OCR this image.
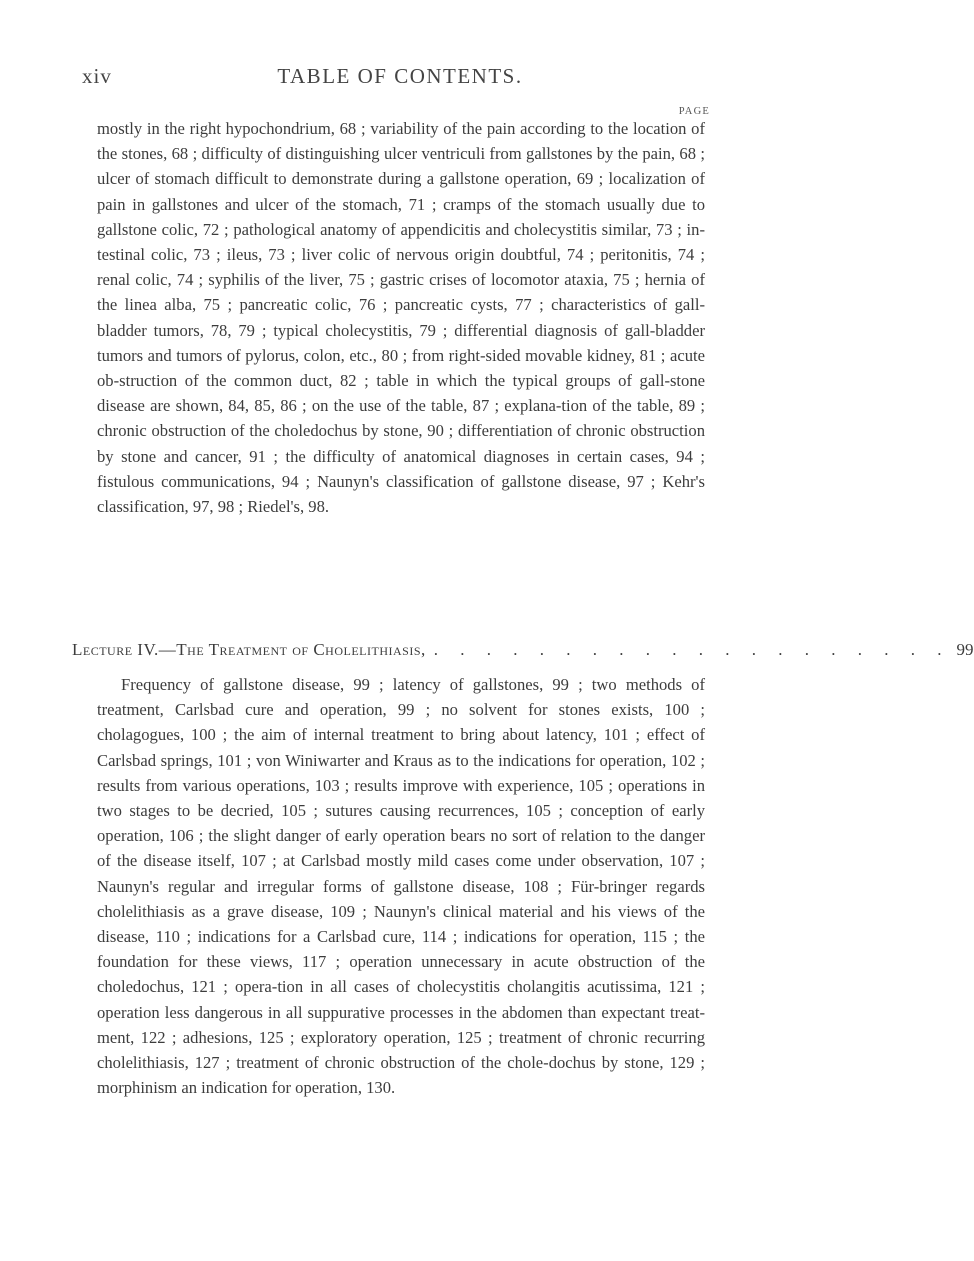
xiv	TABLE OF CONTENTS.
PAGE

mostly in the right hypochondrium, 68 ; variability of the pain according to the location of the stones, 68 ; difficulty of distinguishing ulcer ventriculi from gallstones by the pain, 68 ; ulcer of stomach difficult to demonstrate during a gallstone operation, 69 ; localization of pain in gallstones and ulcer of the stomach, 71 ; cramps of the stomach usually due to gallstone colic, 72 ; pathological anatomy of appendicitis and cholecystitis similar, 73 ; in-testinal colic, 73 ; ileus, 73 ; liver colic of nervous origin doubtful, 74 ; peritonitis, 74 ; renal colic, 74 ; syphilis of the liver, 75 ; gastric crises of locomotor ataxia, 75 ; hernia of the linea alba, 75 ; pancreatic colic, 76 ; pancreatic cysts, 77 ; characteristics of gall-bladder tumors, 78, 79 ; typical cholecystitis, 79 ; differential diagnosis of gall-bladder tumors and tumors of pylorus, colon, etc., 80 ; from right-sided movable kidney, 81 ; acute ob-struction of the common duct, 82 ; table in which the typical groups of gall-stone disease are shown, 84, 85, 86 ; on the use of the table, 87 ; explana-tion of the table, 89 ; chronic obstruction of the choledochus by stone, 90 ; differentiation of chronic obstruction by stone and cancer, 91 ; the difficulty of anatomical diagnoses in certain cases, 94 ; fistulous communications, 94 ; Naunyn's classification of gallstone disease, 97 ; Kehr's classification, 97, 98 ; Riedel's, 98.

Lecture IV.—The Treatment of Cholelithiasis, . . . . . . . . . . . . . . . . . . . . 99

Frequency of gallstone disease, 99 ; latency of gallstones, 99 ; two methods of treatment, Carlsbad cure and operation, 99 ; no solvent for stones exists, 100 ; cholagogues, 100 ; the aim of internal treatment to bring about latency, 101 ; effect of Carlsbad springs, 101 ; von Winiwarter and Kraus as to the indications for operation, 102 ; results from various operations, 103 ; results improve with experience, 105 ; operations in two stages to be decried, 105 ; sutures causing recurrences, 105 ; conception of early operation, 106 ; the slight danger of early operation bears no sort of relation to the danger of the disease itself, 107 ; at Carlsbad mostly mild cases come under observation, 107 ; Naunyn's regular and irregular forms of gallstone disease, 108 ; Für-bringer regards cholelithiasis as a grave disease, 109 ; Naunyn's clinical material and his views of the disease, 110 ; indications for a Carlsbad cure, 114 ; indications for operation, 115 ; the foundation for these views, 117 ; operation unnecessary in acute obstruction of the choledochus, 121 ; opera-tion in all cases of cholecystitis cholangitis acutissima, 121 ; operation less dangerous in all suppurative processes in the abdomen than expectant treat-ment, 122 ; adhesions, 125 ; exploratory operation, 125 ; treatment of chronic recurring cholelithiasis, 127 ; treatment of chronic obstruction of the chole-dochus by stone, 129 ; morphinism an indication for operation, 130.
